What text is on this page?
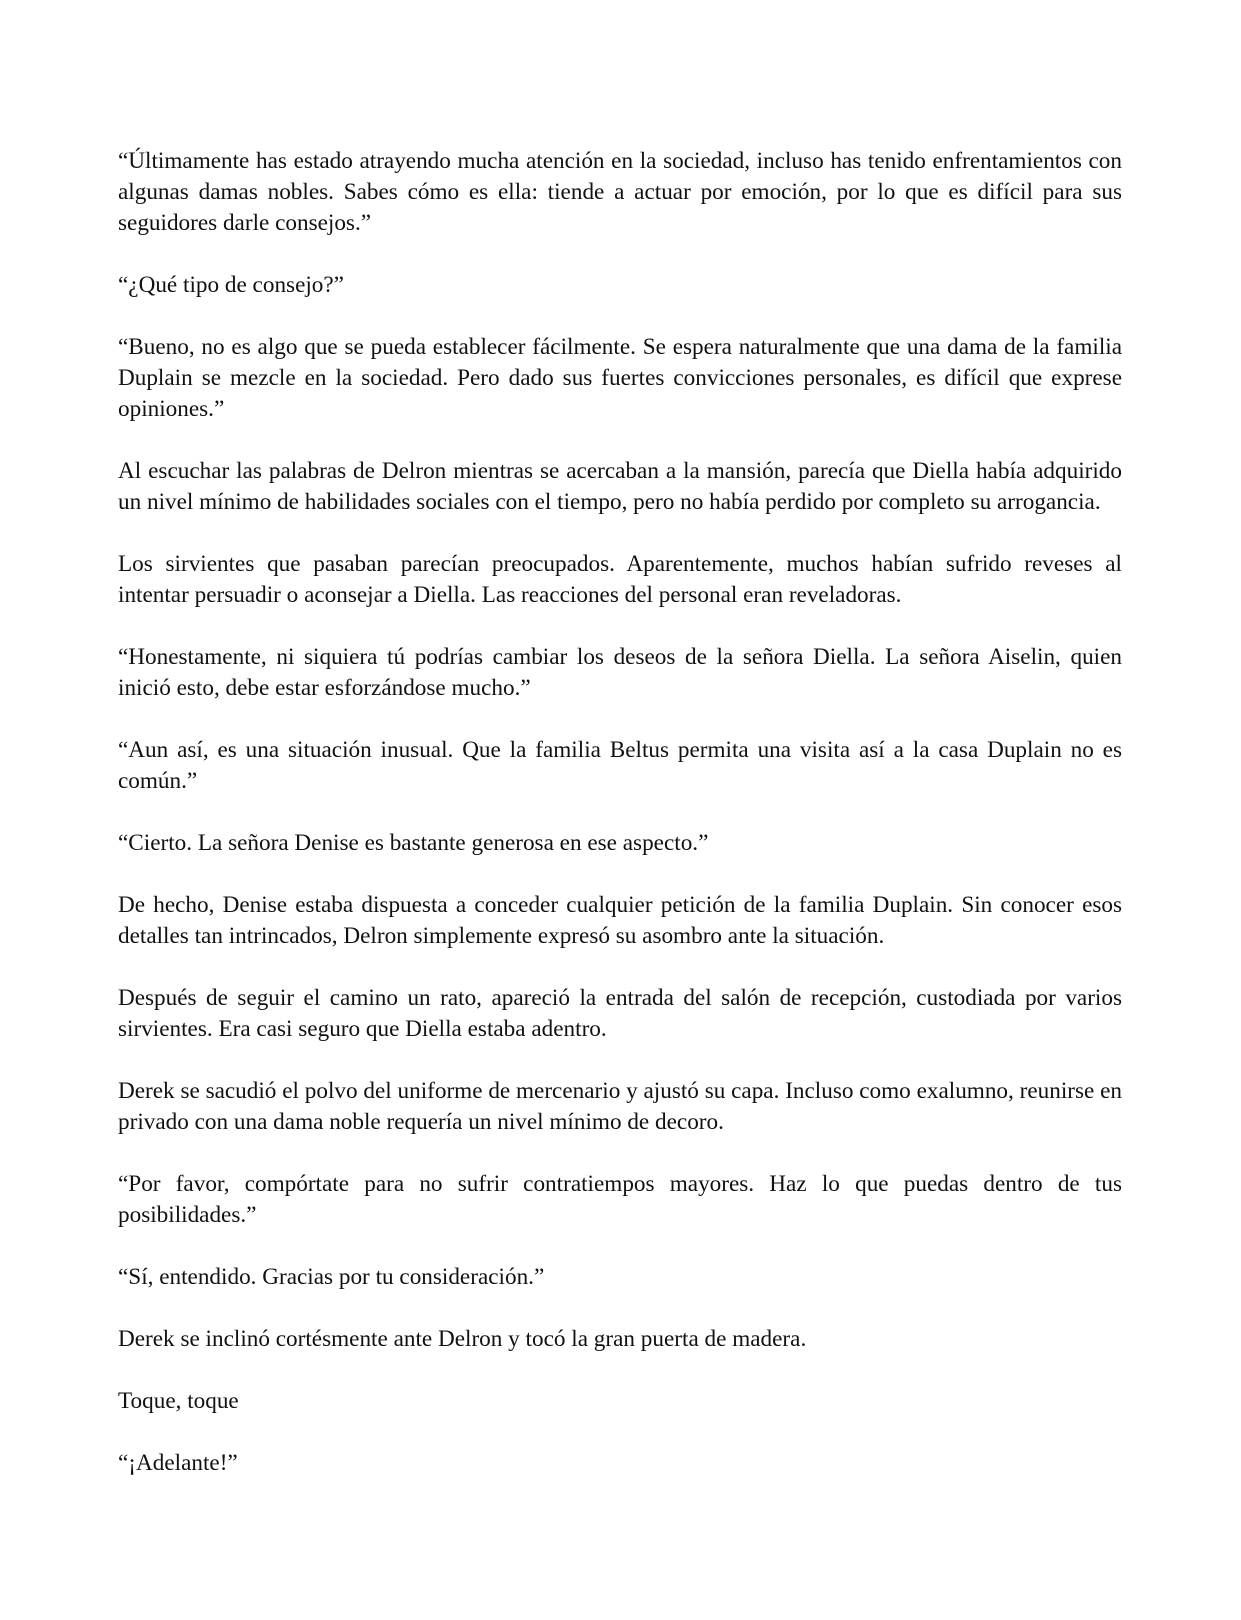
“Últimamente has estado atrayendo mucha atención en la sociedad, incluso has tenido enfrentamientos con algunas damas nobles. Sabes cómo es ella: tiende a actuar por emoción, por lo que es difícil para sus seguidores darle consejos.”

“¿Qué tipo de consejo?”

“Bueno, no es algo que se pueda establecer fácilmente. Se espera naturalmente que una dama de la familia Duplain se mezcle en la sociedad. Pero dado sus fuertes convicciones personales, es difícil que exprese opiniones.”

Al escuchar las palabras de Delron mientras se acercaban a la mansión, parecía que Diella había adquirido un nivel mínimo de habilidades sociales con el tiempo, pero no había perdido por completo su arrogancia.

Los sirvientes que pasaban parecían preocupados. Aparentemente, muchos habían sufrido reveses al intentar persuadir o aconsejar a Diella. Las reacciones del personal eran reveladoras.

“Honestamente, ni siquiera tú podrías cambiar los deseos de la señora Diella. La señora Aiselin, quien inició esto, debe estar esforzándose mucho.”

“Aun así, es una situación inusual. Que la familia Beltus permita una visita así a la casa Duplain no es común.”

“Cierto. La señora Denise es bastante generosa en ese aspecto.”

De hecho, Denise estaba dispuesta a conceder cualquier petición de la familia Duplain. Sin conocer esos detalles tan intrincados, Delron simplemente expresó su asombro ante la situación.

Después de seguir el camino un rato, apareció la entrada del salón de recepción, custodiada por varios sirvientes. Era casi seguro que Diella estaba adentro.

Derek se sacudió el polvo del uniforme de mercenario y ajustó su capa. Incluso como exalumno, reunirse en privado con una dama noble requería un nivel mínimo de decoro.

“Por favor, compórtate para no sufrir contratiempos mayores. Haz lo que puedas dentro de tus posibilidades.”

“Sí, entendido. Gracias por tu consideración.”

Derek se inclinó cortésmente ante Delron y tocó la gran puerta de madera.

Toque, toque

“¡Adelante!”
